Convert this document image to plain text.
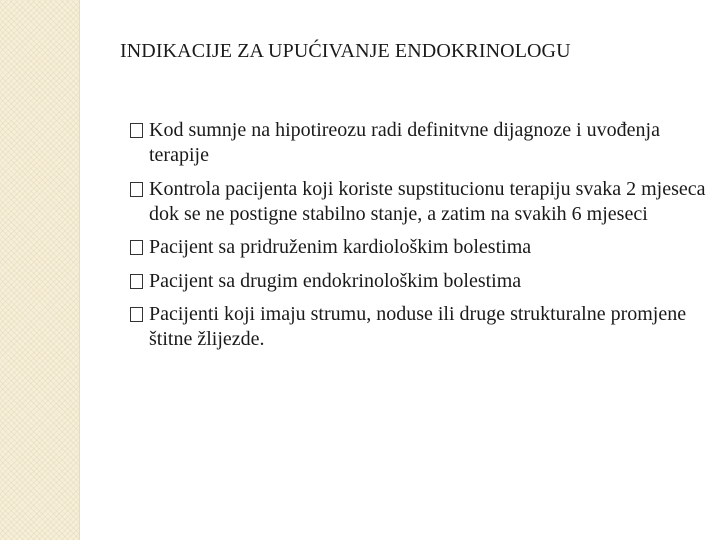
INDIKACIJE ZA UPUĆIVANJE ENDOKRINOLOGU
Kod sumnje na hipotireozu radi definitvne dijagnoze i uvođenja terapije
Kontrola pacijenta koji koriste supstitucionu terapiju svaka 2 mjeseca dok se ne postigne stabilno stanje, a zatim na svakih 6 mjeseci
Pacijent sa pridruženim kardiološkim bolestima
Pacijent sa drugim endokrinološkim bolestima
Pacijenti koji imaju strumu, noduse ili druge strukturalne promjene štitne žlijezde.
